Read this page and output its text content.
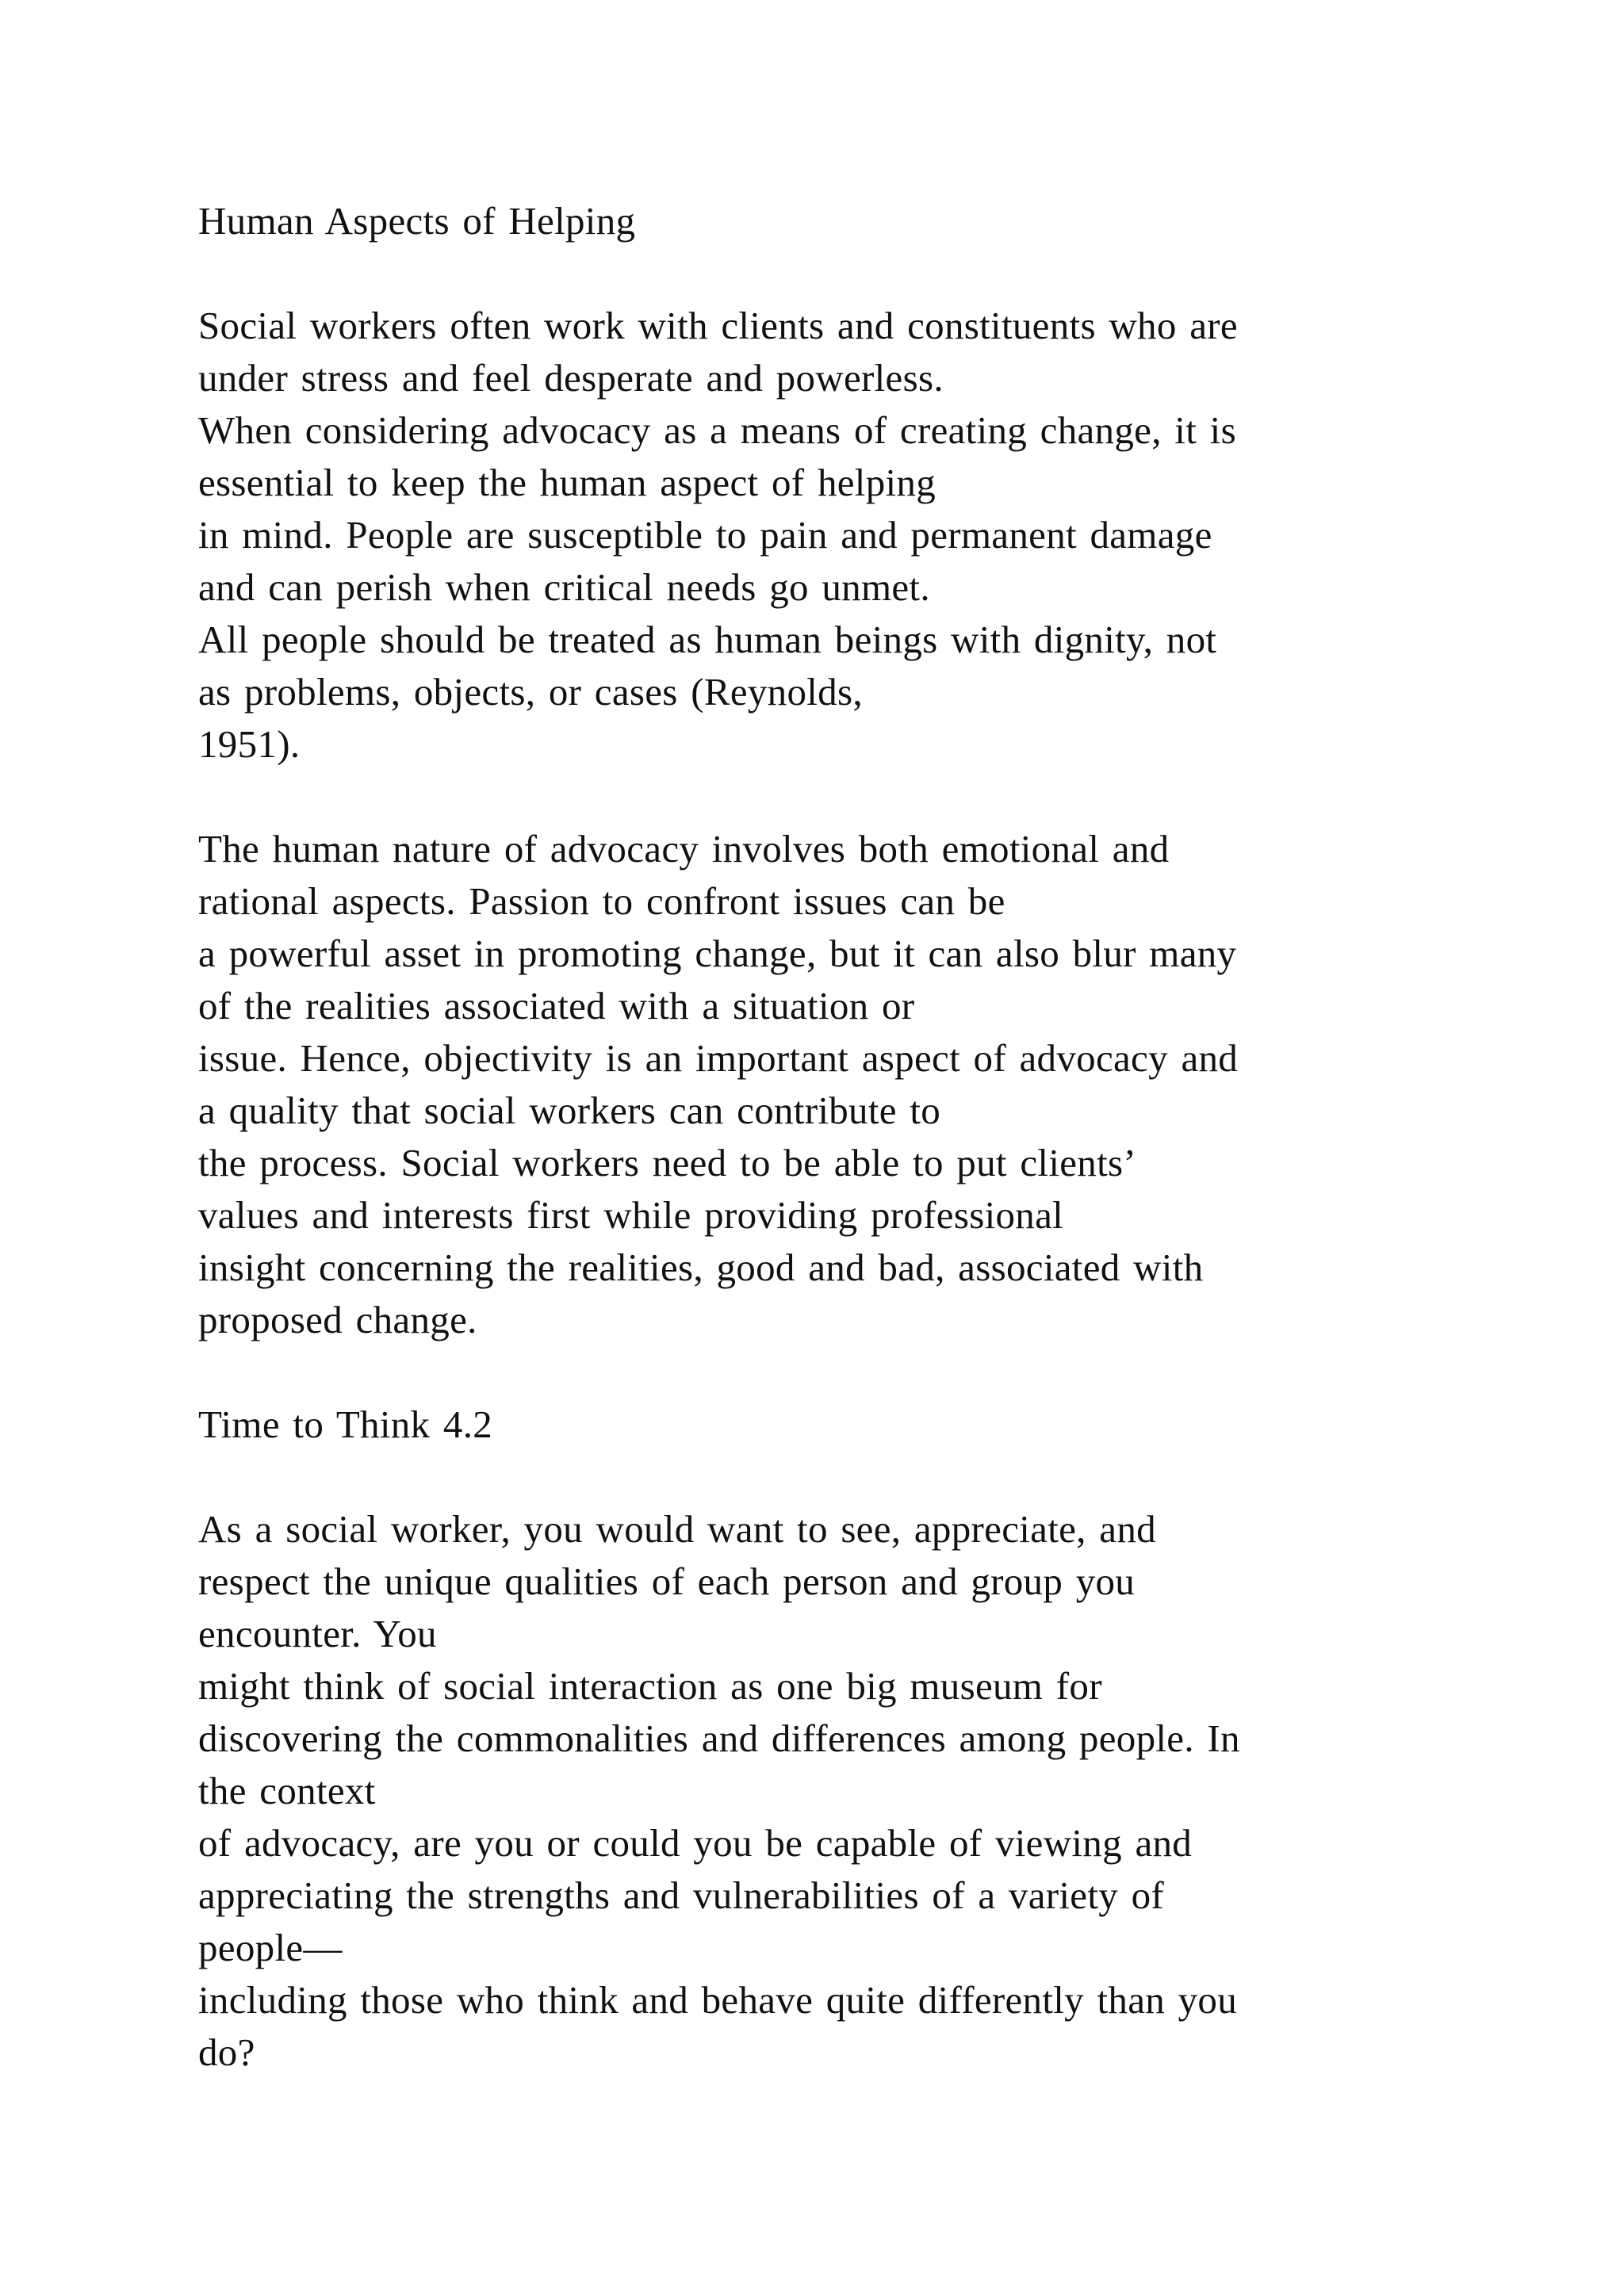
Human Aspects of Helping
Social workers often work with clients and constituents who are
under stress and feel desperate and powerless.
When considering advocacy as a means of creating change, it is
essential to keep the human aspect of helping
in mind. People are susceptible to pain and permanent damage
and can perish when critical needs go unmet.
All people should be treated as human beings with dignity, not
as problems, objects, or cases (Reynolds,
1951).
The human nature of advocacy involves both emotional and
rational aspects. Passion to confront issues can be
a powerful asset in promoting change, but it can also blur many
of the realities associated with a situation or
issue. Hence, objectivity is an important aspect of advocacy and
a quality that social workers can contribute to
the process. Social workers need to be able to put clients’
values and interests first while providing professional
insight concerning the realities, good and bad, associated with
proposed change.
Time to Think 4.2
As a social worker, you would want to see, appreciate, and
respect the unique qualities of each person and group you
encounter. You
might think of social interaction as one big museum for
discovering the commonalities and differences among people. In
the context
of advocacy, are you or could you be capable of viewing and
appreciating the strengths and vulnerabilities of a variety of
people—
including those who think and behave quite differently than you
do?
